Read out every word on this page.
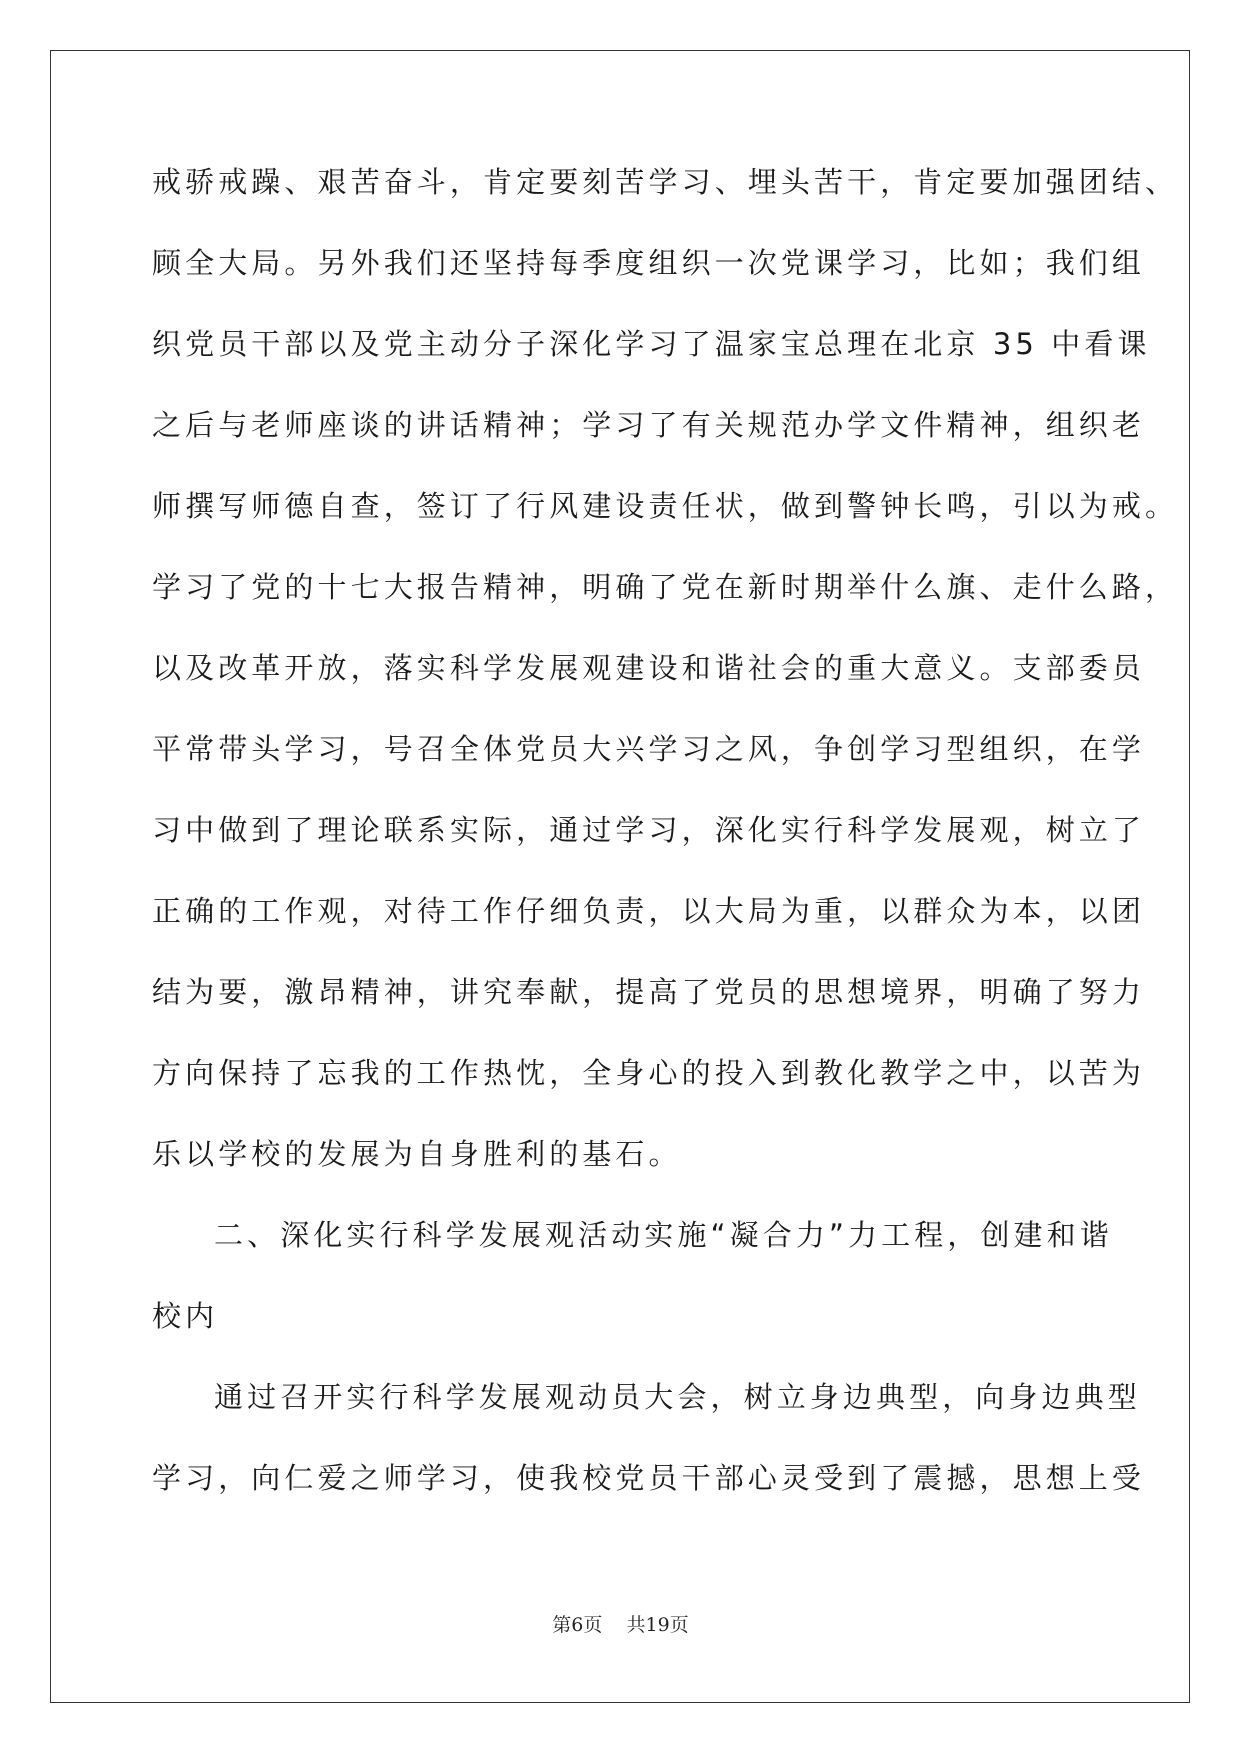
戒骄戒躁、艰苦奋斗，肯定要刻苦学习、埋头苦干，肯定要加强团结、
顾全大局。另外我们还坚持每季度组织一次党课学习，比如；我们组
织党员干部以及党主动分子深化学习了温家宝总理在北京 35 中看课
之后与老师座谈的讲话精神；学习了有关规范办学文件精神，组织老
师撰写师德自查，签订了行风建设责任状，做到警钟长鸣，引以为戒。
学习了党的十七大报告精神，明确了党在新时期举什么旗、走什么路，
以及改革开放，落实科学发展观建设和谐社会的重大意义。支部委员
平常带头学习，号召全体党员大兴学习之风，争创学习型组织，在学
习中做到了理论联系实际，通过学习，深化实行科学发展观，树立了
正确的工作观，对待工作仔细负责，以大局为重，以群众为本，以团
结为要，激昂精神，讲究奉献，提高了党员的思想境界，明确了努力
方向保持了忘我的工作热忱，全身心的投入到教化教学之中，以苦为
乐以学校的发展为自身胜利的基石。
二、深化实行科学发展观活动实施“凝合力”力工程，创建和谐
校内
通过召开实行科学发展观动员大会，树立身边典型，向身边典型
学习，向仁爱之师学习，使我校党员干部心灵受到了震撼，思想上受
第6页 共19页
